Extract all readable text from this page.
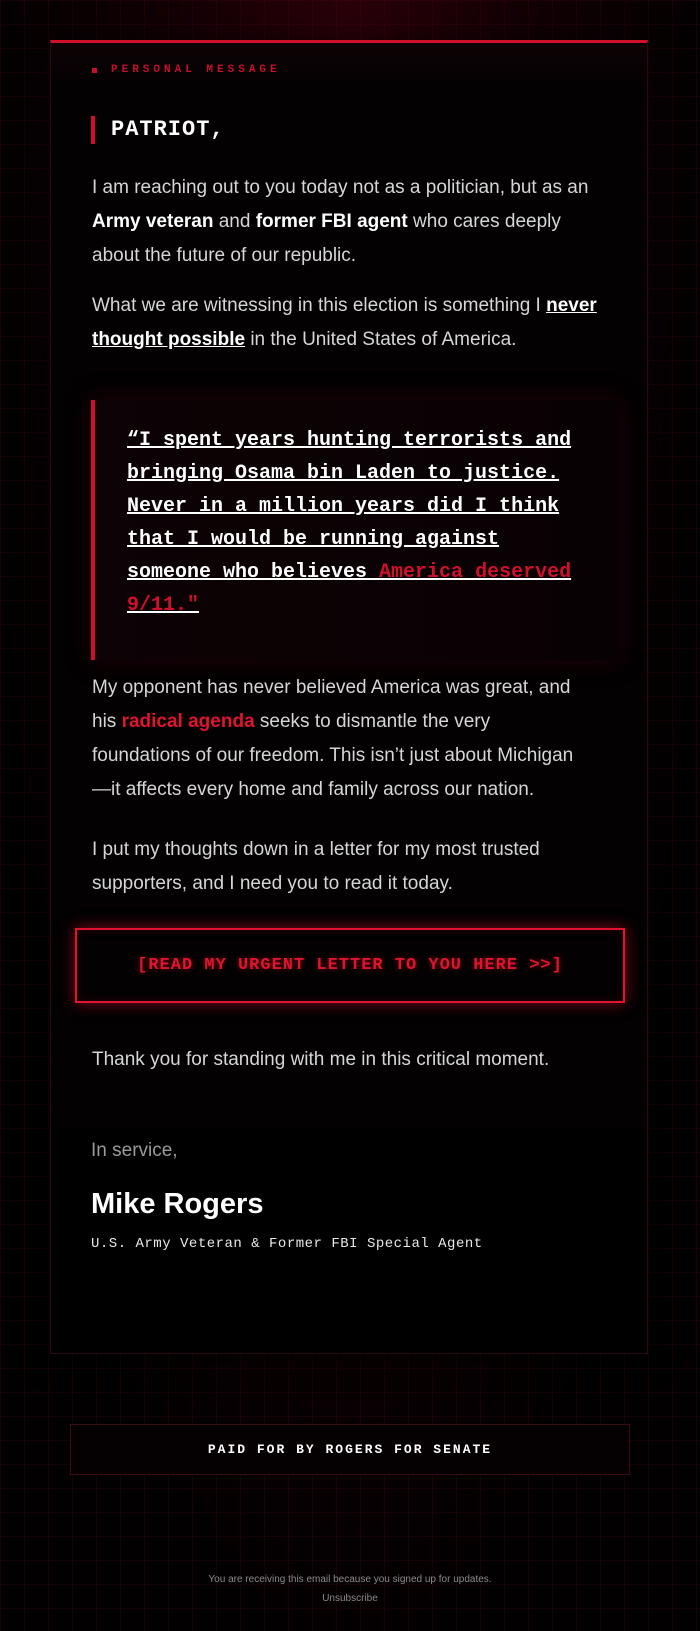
PERSONAL MESSAGE
PATRIOT,
I am reaching out to you today not as a politician, but as an Army veteran and former FBI agent who cares deeply about the future of our republic.
What we are witnessing in this election is something I never thought possible in the United States of America.
“I spent years hunting terrorists and bringing Osama bin Laden to justice. Never in a million years did I think that I would be running against someone who believes America deserved 9/11."
My opponent has never believed America was great, and his radical agenda seeks to dismantle the very foundations of our freedom. This isn’t just about Michigan—it affects every home and family across our nation.
I put my thoughts down in a letter for my most trusted supporters, and I need you to read it today.
[READ MY URGENT LETTER TO YOU HERE >>]
Thank you for standing with me in this critical moment.
In service,
Mike Rogers
U.S. Army Veteran & Former FBI Special Agent
PAID FOR BY ROGERS FOR SENATE
You are receiving this email because you signed up for updates.
Unsubscribe
